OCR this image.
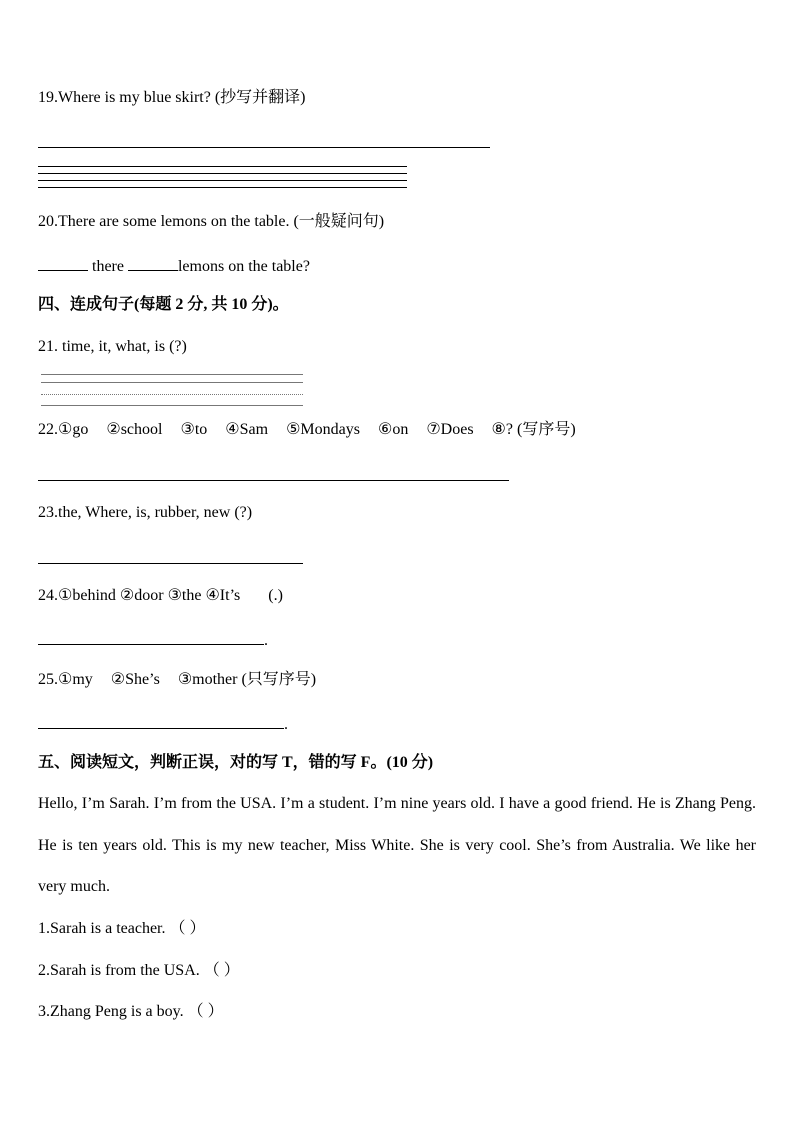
19.Where is my blue skirt? (抄写并翻译)
20.There are some lemons on the table. (一般疑问句)
there	lemons on the table?
四、连成句子(每题 2 分, 共 10 分)。
21. time, it, what, is (?)
22.①go ②school ③to ④Sam ⑤Mondays ⑥on ⑦Does ⑧? (写序号)
23.the, Where, is, rubber, new (?)
24.①behind ②door ③the ④It’s (.)
.
25.①my ②She’s ③mother (只写序号)
.
五、阅读短文，判断正误，对的写 T，错的写 F。(10 分)
Hello, I’m Sarah. I’m from the USA. I’m a student. I’m nine years old. I have a good friend. He is Zhang Peng. He is ten years old. This is my new teacher, Miss White. She is very cool. She’s from Australia. We like her very much.
1.Sarah is a teacher. （ ）
2.Sarah is from the USA. （ ）
3.Zhang Peng is a boy. （ ）
